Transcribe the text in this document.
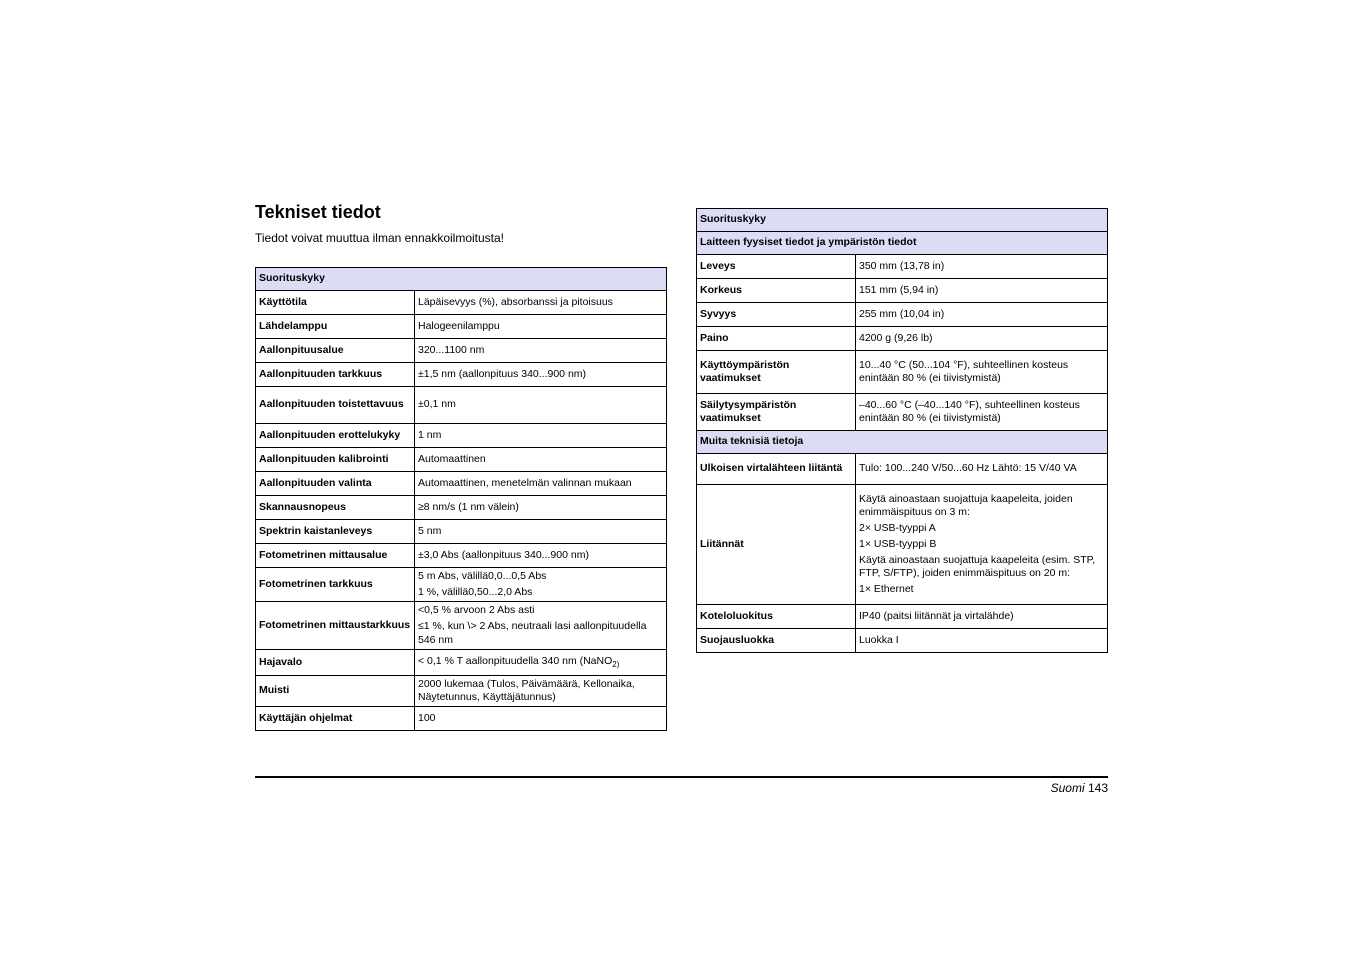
Tekniset tiedot
Tiedot voivat muuttua ilman ennakkoilmoitusta!
Suorituskyky	
Käyttötila	Läpäisevyys (%), absorbanssi ja pitoisuus

Lähdelamppu	Halogeenilamppu

Aallonpituusalue	320...1100 nm

Aallonpituuden tarkkuus	±1,5 nm (aallonpituus 340...900 nm)

Aallonpituuden toistettavuus	±0,1 nm

Aallonpituuden erottelukyky	1 nm

Aallonpituuden kalibrointi	Automaattinen

Aallonpituuden valinta	Automaattinen, menetelmän valinnan mukaan

Skannausnopeus	≥8 nm/s (1 nm välein)

Spektrin kaistanleveys	5 nm

Fotometrinen mittausalue	±3,0 Abs (aallonpituus 340...900 nm)

Fotometrinen tarkkuus	5 m Abs, välillä0,0...0,5 Abs

1 %, välillä0,50...2,0 Abs

Fotometrinen mittaustarkkuus	<0,5 % arvoon 2 Abs asti

≤1 %, kun \> 2 Abs, neutraali lasi aallonpituudella 546 nm

Hajavalo	< 0,1 % T aallonpituudella 340 nm (NaNO$_{2)}$

Muisti	2000 lukemaa (Tulos, Päivämäärä, Kellonaika, Näytetunnus, Käyttäjätunnus)

Käyttäjän ohjelmat	100

Suorituskyky	
Laitteen fyysiset tiedot ja ympäristön tiedot	
Leveys	350 mm (13,78 in)

Korkeus	151 mm (5,94 in)

Syvyys	255 mm (10,04 in)

Paino	4200 g (9,26 lb)

Käyttöympäristön vaatimukset	10...40 °C (50...104 °F), suhteellinen kosteus enintään 80 % (ei tiivistymistä)

Säilytysympäristön vaatimukset	–40...60 °C (–40...140 °F), suhteellinen kosteus enintään 80 % (ei tiivistymistä)

Muita teknisiä tietoja	
Ulkoisen virtalähteen liitäntä	Tulo: 100...240 V/50...60 Hz Lähtö: 15 V/40 VA

Liitännät	Käytä ainoastaan suojattuja kaapeleita, joiden enimmäispituus on 3 m:

2× USB-tyyppi A

1× USB-tyyppi B

Käytä ainoastaan suojattuja kaapeleita (esim. STP, FTP, S/FTP), joiden enimmäispituus on 20 m:

1× Ethernet

Koteloluokitus	IP40 (paitsi liitännät ja virtalähde)

Suojausluokka	Luokka I

Suomi 143
